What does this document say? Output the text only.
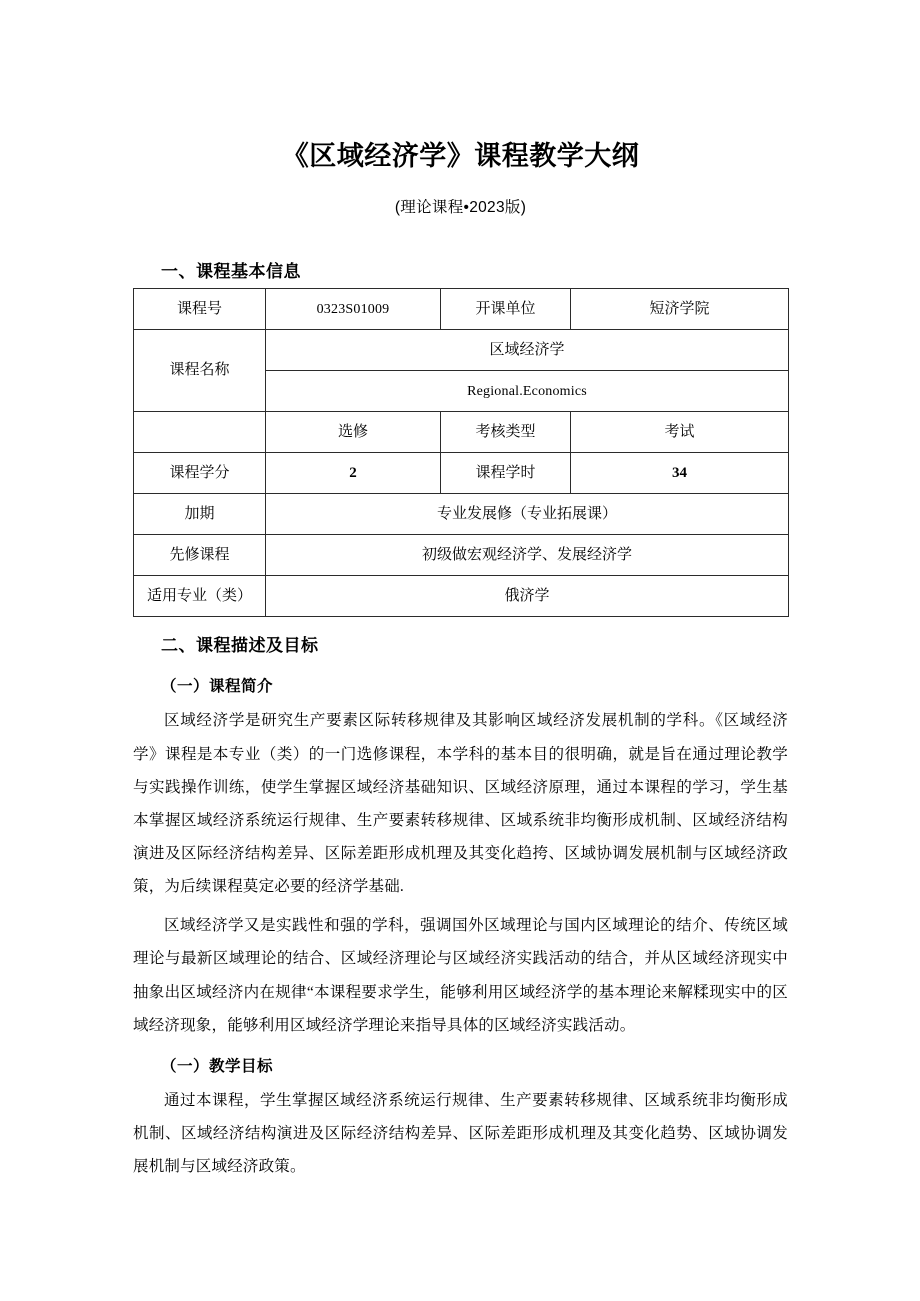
《区域经济学》课程教学大纲
(理论课程•2023版)
一、课程基本信息
课程号	0323S01009	开课单位	短济学院
课程名称	区域经济学		
	Regional.Economics		
	选修	考核类型	考试
课程学分	2	课程学时	34
加期	专业发展修（专业拓展课）		
先修课程	初级做宏观经济学、发展经济学		
适用专业（类）	俄济学		
二、课程描述及目标
（一）课程简介

区域经济学是研究生产要素区际转移规律及其影响区域经济发展机制的学科。《区域经济学》课程是本专业（类）的一门选修课程，本学科的基本目的很明确，就是旨在通过理论教学与实践操作训练，使学生掌握区域经济基础知识、区域经济原理，通过本课程的学习，学生基本掌握区域经济系统运行规律、生产要素转移规律、区域系统非均衡形成机制、区域经济结构演进及区际经济结构差异、区际差距形成机理及其变化趋挎、区域协调发展机制与区域经济政策，为后续课程莫定必要的经济学基础.

区域经济学又是实践性和强的学科，强调国外区域理论与国内区域理论的结介、传统区域理论与最新区域理论的结合、区域经济理论与区域经济实践活动的结合，并从区域经济现实中抽象出区域经济内在规律“本课程要求学生，能够利用区域经济学的基本理论来解糅现实中的区域经济现象，能够利用区域经济学理论来指导具体的区域经济实践活动。

（一）教学目标

通过本课程，学生掌握区域经济系统运行规律、生产要素转移规律、区域系统非均衡形成机制、区域经济结构演进及区际经济结构差异、区际差距形成机理及其变化趋势、区域协调发展机制与区域经济政策。
